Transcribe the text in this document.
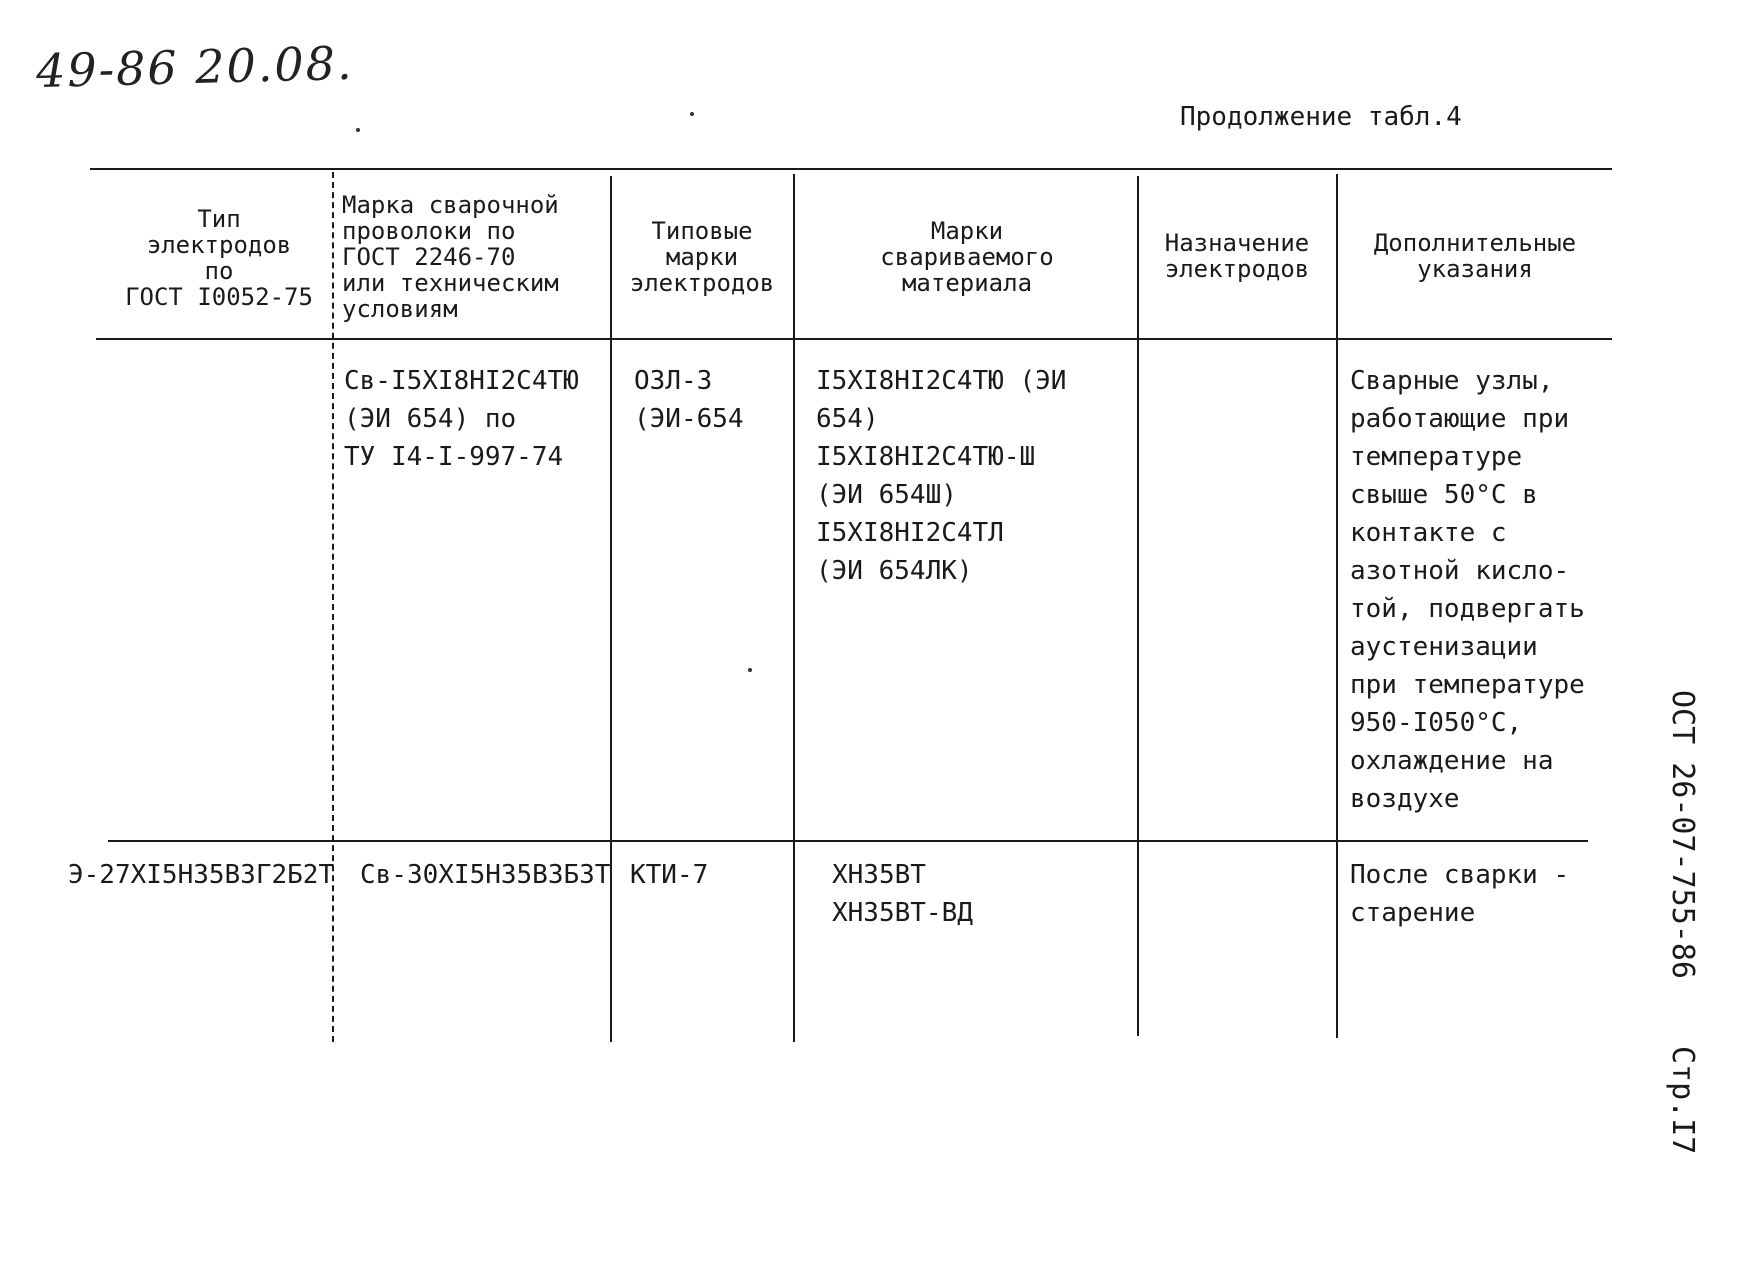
49-86 20.08.
Продолжение табл.4
Тип
электродов
по
ГОСТ I0052-75
Марка сварочной
проволоки по
ГОСТ 2246-70
или техническим
условиям
Типовые
марки
электродов
Марки
свариваемого
материала
Назначение
электродов
Дополнительные
указания
Св-I5XI8HI2C4TЮ
(ЭИ 654) по
ТУ I4-I-997-74
ОЗЛ-3
(ЭИ-654
I5XI8HI2C4TЮ (ЭИ 654)
I5XI8HI2C4TЮ-Ш
(ЭИ 654Ш)
I5XI8HI2C4TЛ
(ЭИ 654ЛК)
Сварные узлы,
работающие при
температуре
свыше 50°С в
контакте с
азотной кисло-
той, подвергать
аустенизации
при температуре
950-I050°С,
охлаждение на
воздухе
Э-27XI5H35B3Г2Б2T Св-30XI5H35B3Б3T КТИ-7	XH35BT
XH35BT-ВД
После сварки -
старение	ОСТ 26-07-755-86
Стр.I7
